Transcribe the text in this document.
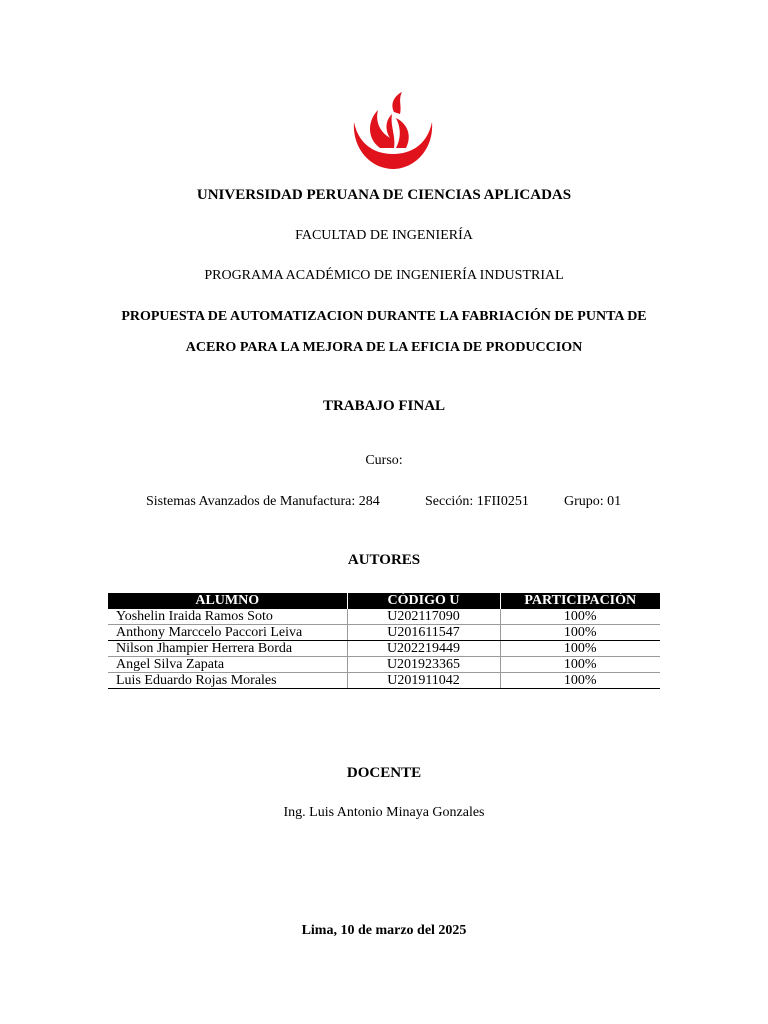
UNIVERSIDAD PERUANA DE CIENCIAS APLICADAS
FACULTAD DE INGENIERÍA
PROGRAMA ACADÉMICO DE INGENIERÍA INDUSTRIAL
PROPUESTA DE AUTOMATIZACION DURANTE LA FABRIACIÓN DE PUNTA DE
ACERO PARA LA MEJORA DE LA EFICIA DE PRODUCCION
TRABAJO FINAL
Curso:
Sistemas Avanzados de Manufactura: 284	Sección: 1FII0251	Grupo: 01
AUTORES
ALUMNO	CÓDIGO U	PARTICIPACIÓN
Yoshelin Iraida Ramos Soto	U202117090	100%
Anthony Marccelo Paccori Leiva	U201611547	100%
Nilson Jhampier Herrera Borda	U202219449	100%
Angel Silva Zapata	U201923365	100%
Luis Eduardo Rojas Morales	U201911042	100%
DOCENTE
Ing. Luis Antonio Minaya Gonzales
Lima, 10 de marzo del 2025
